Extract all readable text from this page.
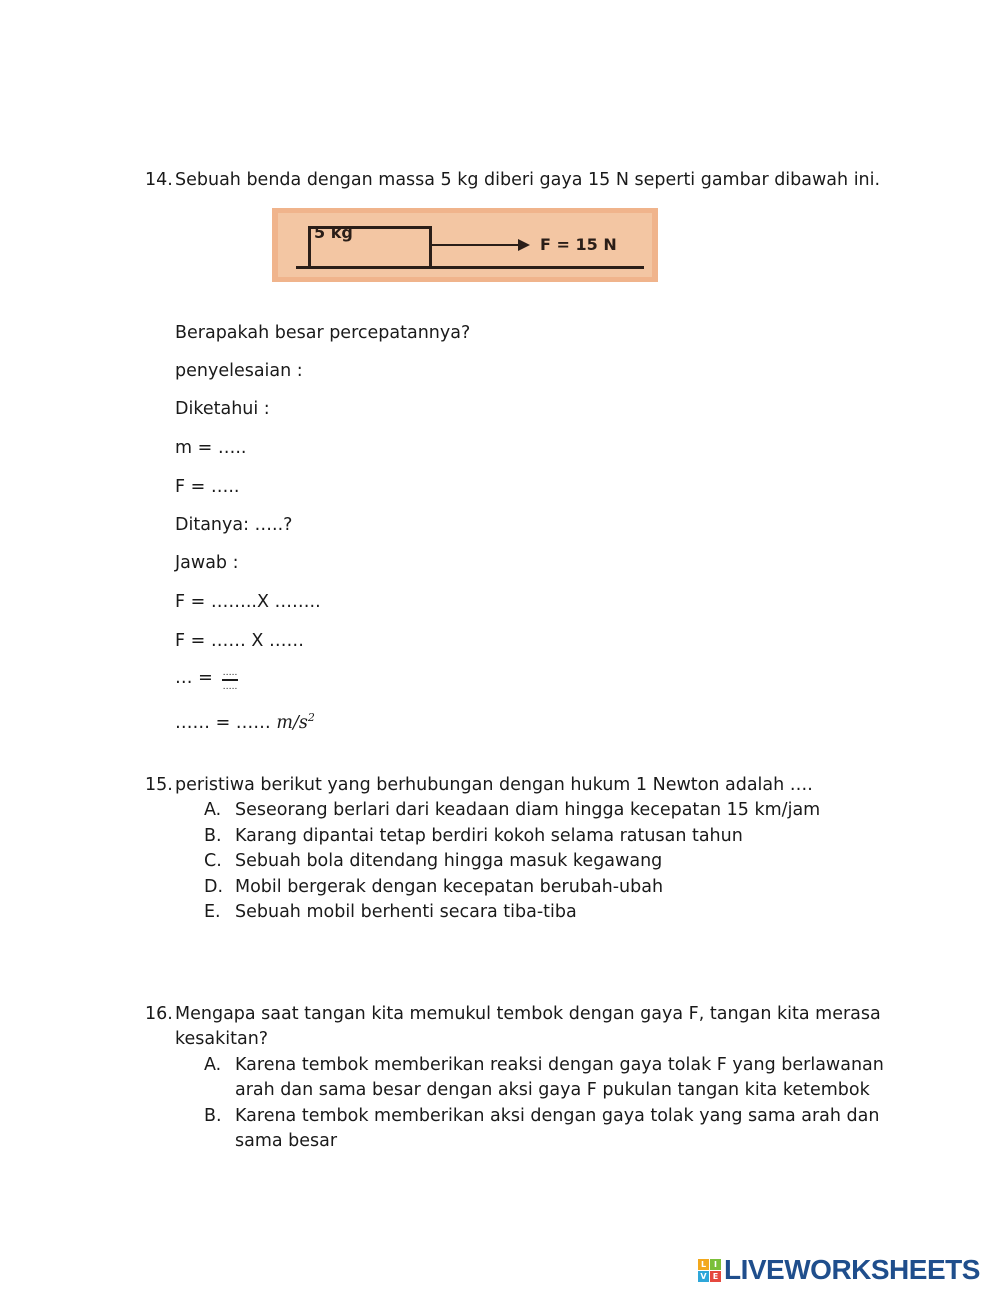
14. Sebuah benda dengan massa 5 kg diberi gaya 15 N seperti gambar dibawah ini.
5 kg
F = 15 N
Berapakah besar percepatannya?
penyelesaian :
Diketahui :
m = …..
F = …..
Ditanya: …..?
Jawab :
F = ……..X ……..
F = …… X ……
… = …..
…..
…… = …… $m/s^2$
15. peristiwa berikut yang berhubungan dengan hukum 1 Newton adalah ….
A. Seseorang berlari dari keadaan diam hingga kecepatan 15 km/jam
B. Karang dipantai tetap berdiri kokoh selama ratusan tahun
C. Sebuah bola ditendang hingga masuk kegawang
D. Mobil bergerak dengan kecepatan berubah-ubah
E. Sebuah mobil berhenti secara tiba-tiba
16. Mengapa saat tangan kita memukul tembok dengan gaya F, tangan kita merasa
kesakitan?
A. Karena tembok memberikan reaksi dengan gaya tolak F yang berlawanan
arah dan sama besar dengan aksi gaya F pukulan tangan kita ketembok
B. Karena tembok memberikan aksi dengan gaya tolak yang sama arah dan
sama besar
L I
V E LIVEWORKSHEETS
